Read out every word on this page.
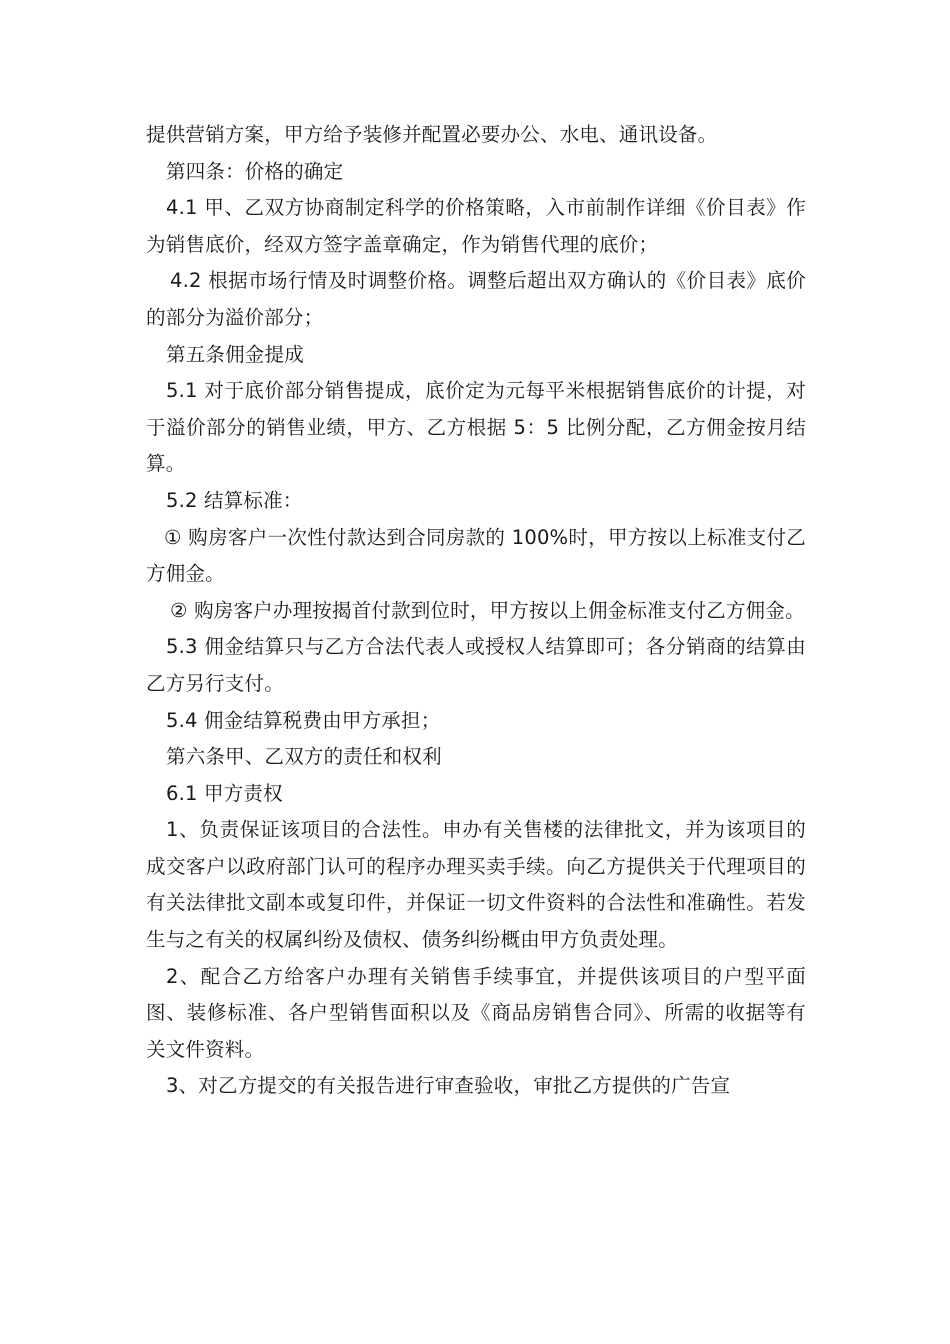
提供营销方案，甲方给予装修并配置必要办公、水电、通讯设备。

第四条：价格的确定

4.1 甲、乙双方协商制定科学的价格策略，入市前制作详细《价目表》作为销售底价，经双方签字盖章确定，作为销售代理的底价；

4.2 根据市场行情及时调整价格。调整后超出双方确认的《价目表》底价的部分为溢价部分；

第五条佣金提成

5.1 对于底价部分销售提成，底价定为元每平米根据销售底价的计提，对于溢价部分的销售业绩，甲方、乙方根据 5：5 比例分配，乙方佣金按月结算。

5.2 结算标准：

① 购房客户一次性付款达到合同房款的 100%时，甲方按以上标准支付乙方佣金。

② 购房客户办理按揭首付款到位时，甲方按以上佣金标准支付乙方佣金。

5.3 佣金结算只与乙方合法代表人或授权人结算即可；各分销商的结算由乙方另行支付。

5.4 佣金结算税费由甲方承担；

第六条甲、乙双方的责任和权利

6.1 甲方责权

1、负责保证该项目的合法性。申办有关售楼的法律批文，并为该项目的成交客户以政府部门认可的程序办理买卖手续。向乙方提供关于代理项目的有关法律批文副本或复印件，并保证一切文件资料的合法性和准确性。若发生与之有关的权属纠纷及债权、债务纠纷概由甲方负责处理。

2、配合乙方给客户办理有关销售手续事宜，并提供该项目的户型平面图、装修标准、各户型销售面积以及《商品房销售合同》、所需的收据等有关文件资料。

3、对乙方提交的有关报告进行审查验收，审批乙方提供的广告宣
